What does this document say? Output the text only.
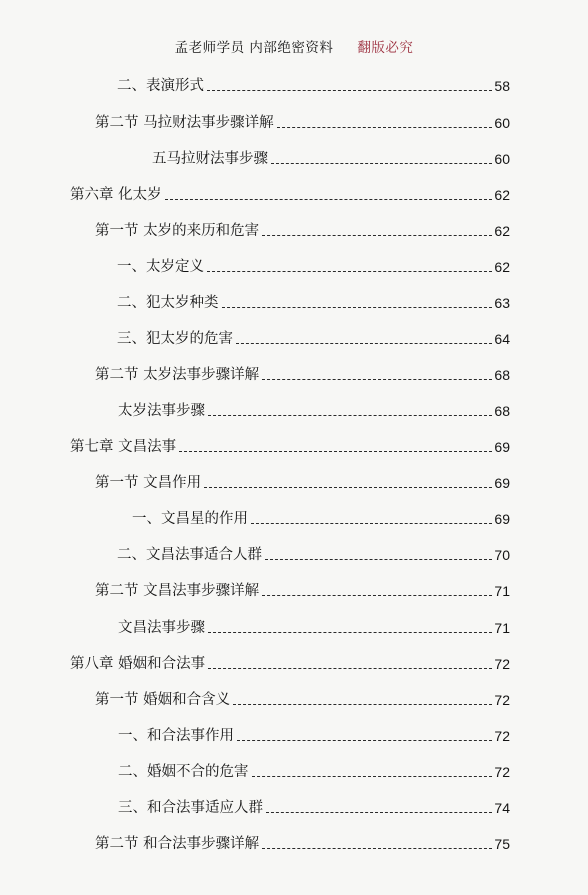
孟老师学员 内部绝密资料 翻版必究
二、表演形式	58
第二节 马拉财法事步骤详解	60
五马拉财法事步骤	60
第六章 化太岁	62
第一节 太岁的来历和危害	62
一、太岁定义	62
二、犯太岁种类	63
三、犯太岁的危害	64
第二节 太岁法事步骤详解	68
太岁法事步骤	68
第七章 文昌法事	69
第一节 文昌作用	69
一、文昌星的作用	69
二、文昌法事适合人群	70
第二节 文昌法事步骤详解	71
文昌法事步骤	71
第八章 婚姻和合法事	72
第一节 婚姻和合含义	72
一、和合法事作用	72
二、婚姻不合的危害	72
三、和合法事适应人群	74
第二节 和合法事步骤详解	75
